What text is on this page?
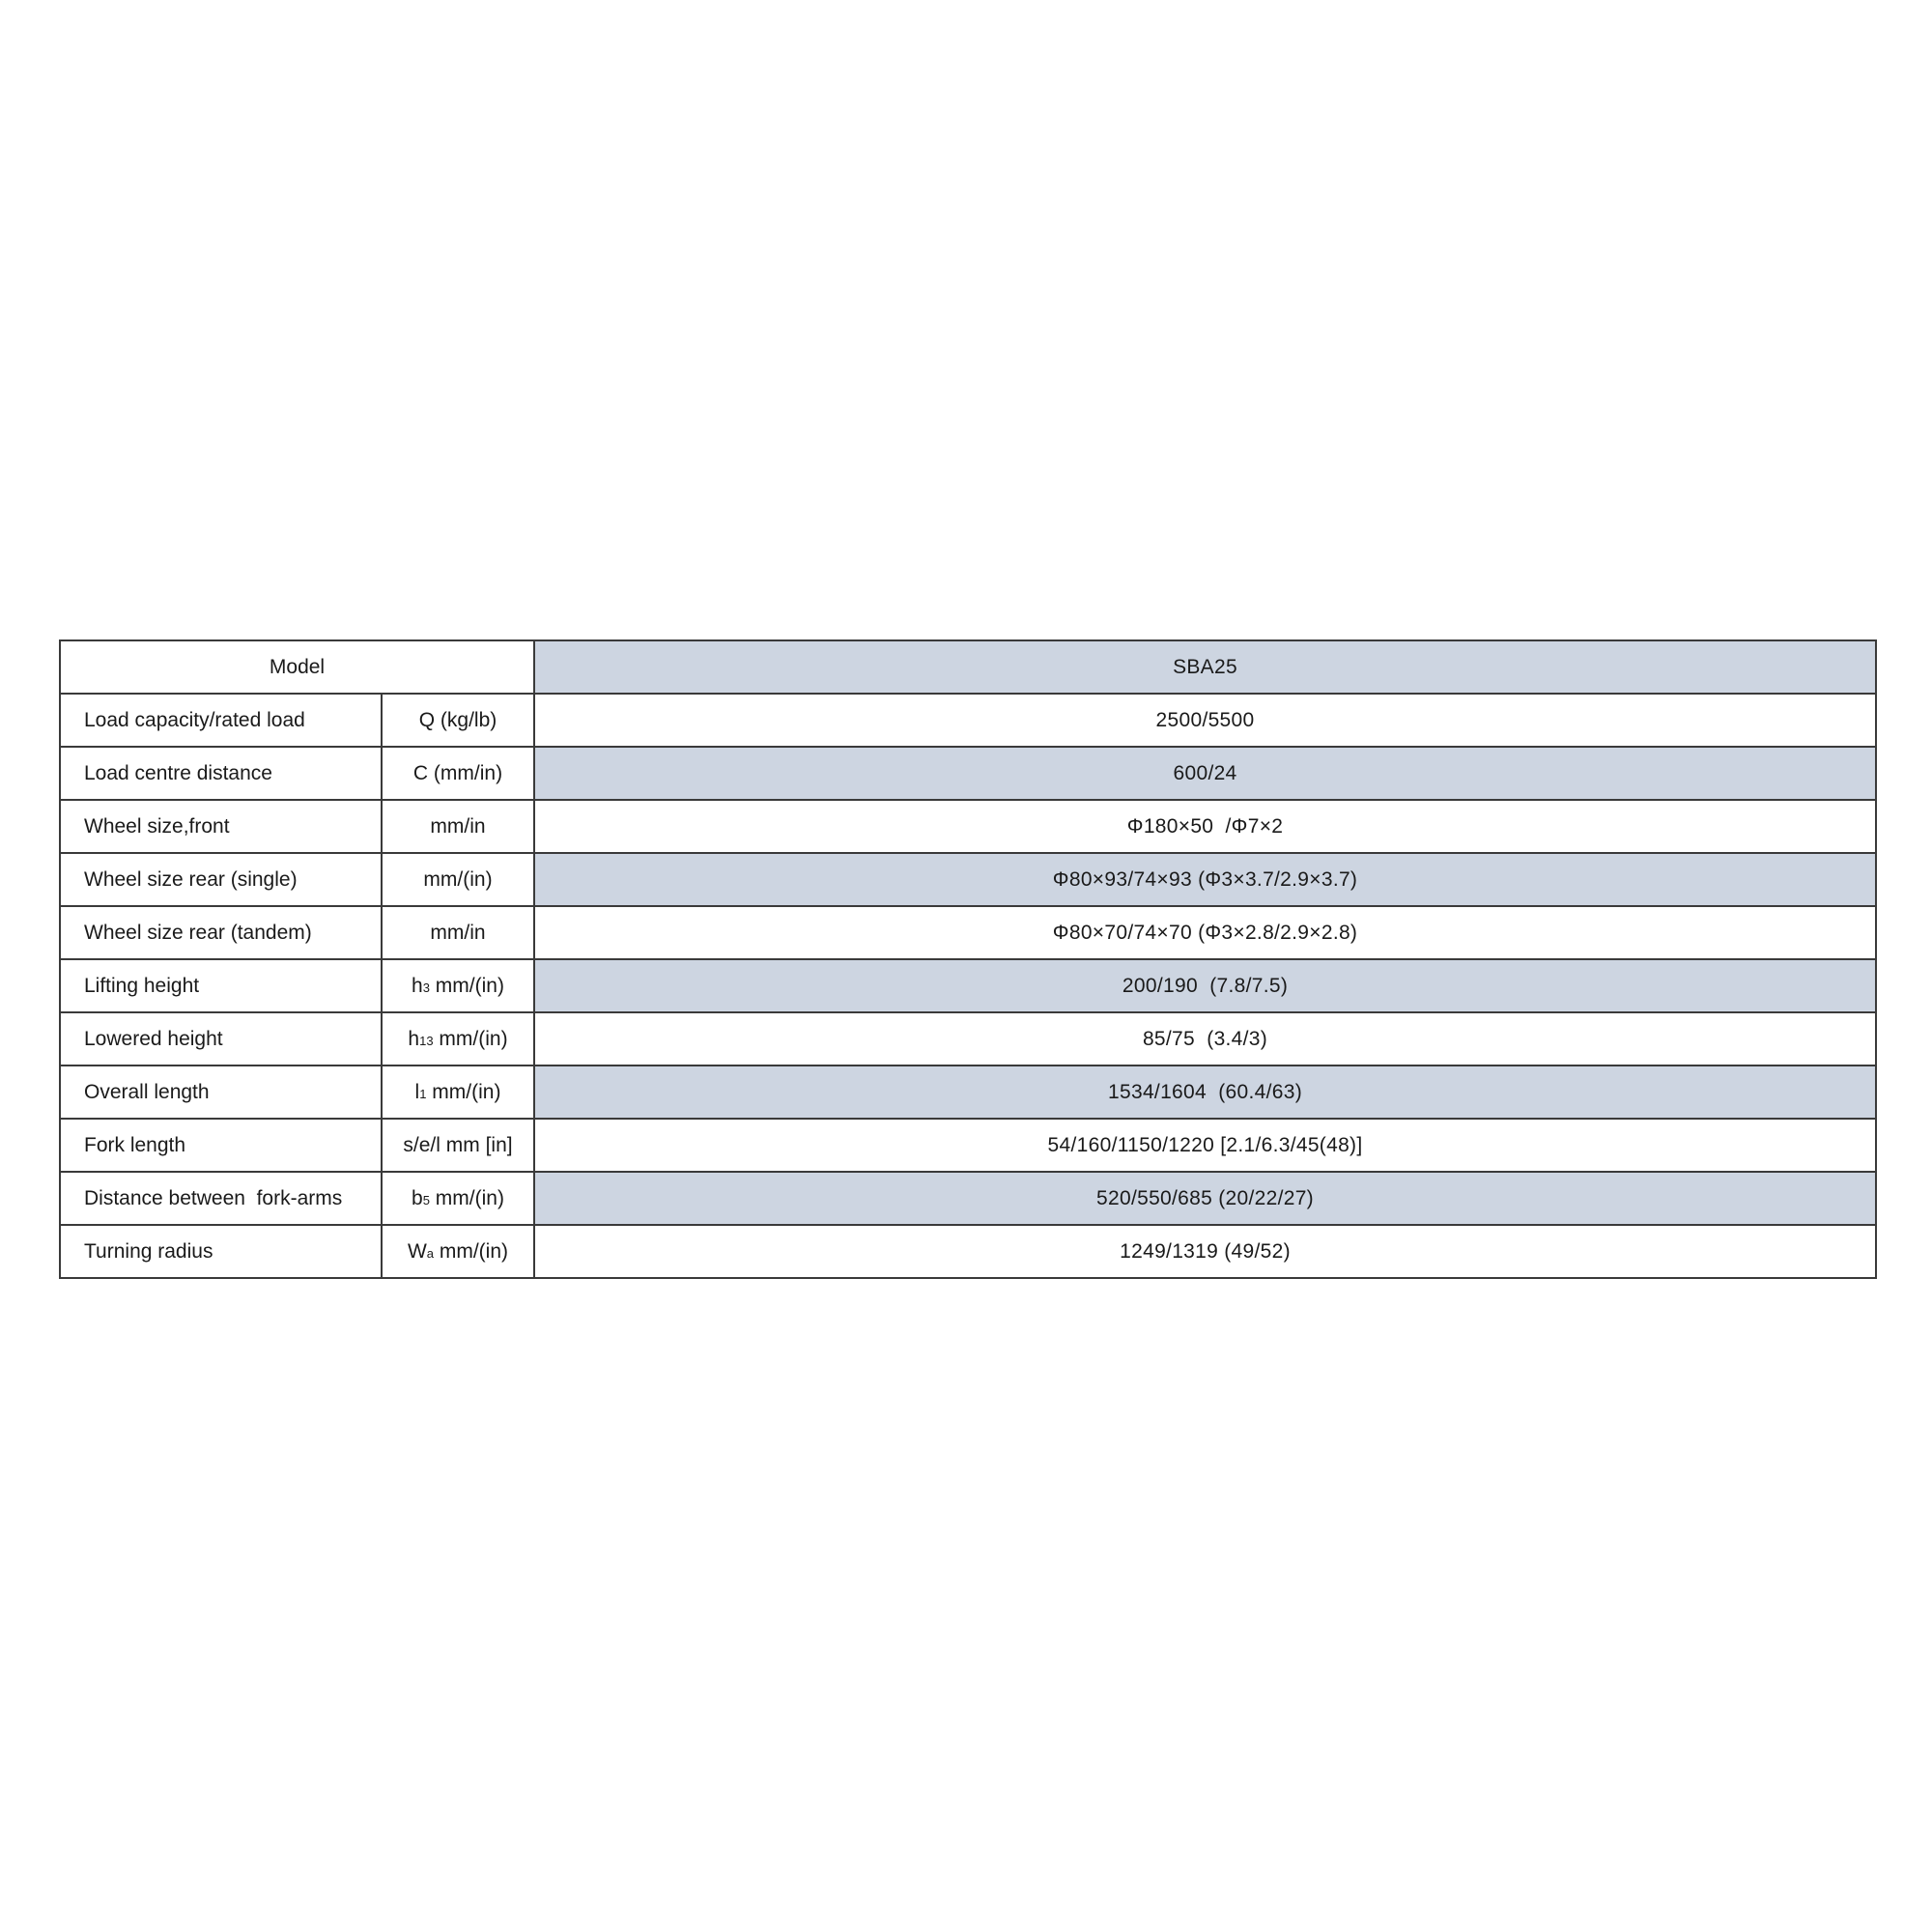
Model		SBA25
Load capacity/rated load	Q (kg/lb)	2500/5500
Load centre distance	C (mm/in)	600/24
Wheel size,front	mm/in	Φ180×50  /Φ7×2
Wheel size rear (single)	mm/(in)	Φ80×93/74×93 (Φ3×3.7/2.9×3.7)
Wheel size rear (tandem)	mm/in	Φ80×70/74×70 (Φ3×2.8/2.9×2.8)
Lifting height	h3 mm/(in)	200/190  (7.8/7.5)
Lowered height	h13 mm/(in)	85/75  (3.4/3)
Overall length	l1 mm/(in)	1534/1604  (60.4/63)
Fork length	s/e/l mm [in]	54/160/1150/1220 [2.1/6.3/45(48)]
Distance between  fork-arms	b5 mm/(in)	520/550/685 (20/22/27)
Turning radius	Wa mm/(in)	1249/1319 (49/52)
